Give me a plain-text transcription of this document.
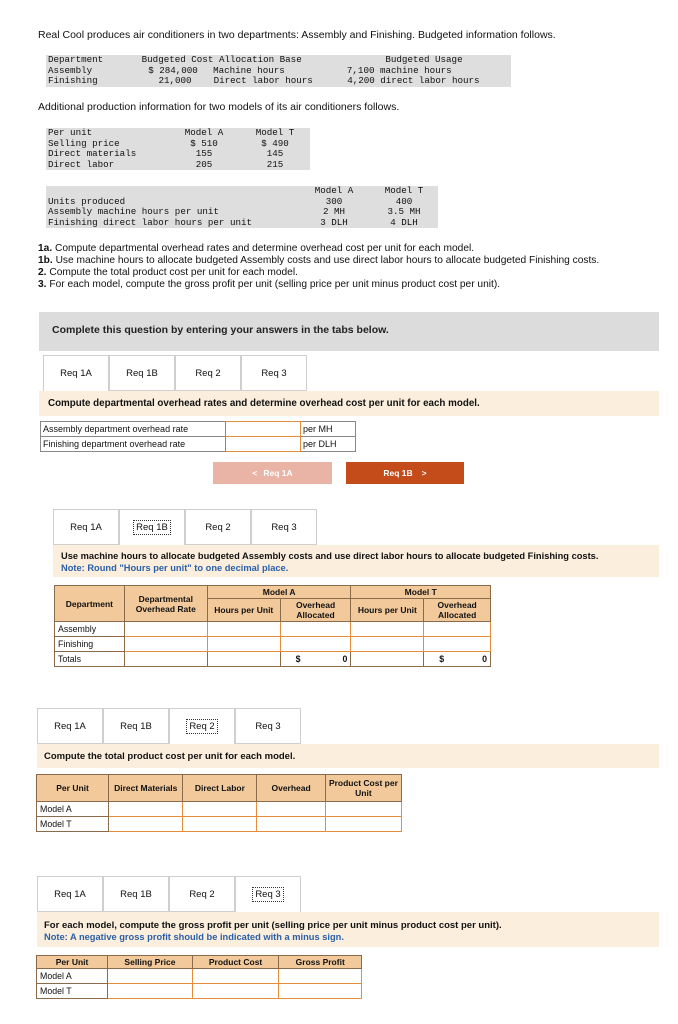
Real Cool produces air conditioners in two departments: Assembly and Finishing. Budgeted information follows.
Department	Budgeted Cost Allocation Base	Budgeted Usage
Assembly	$ 284,000	Machine hours	7,100 machine hours
Finishing	21,000	Direct labor hours	4,200 direct labor hours
Additional production information for two models of its air conditioners follows.
Per unit	Model A	Model T
Selling price	$ 510	$ 490
Direct materials	155	145
Direct labor	205	215
Model A	Model T
Units produced	300	400
Assembly machine hours per unit	2 MH	3.5 MH
Finishing direct labor hours per unit	3 DLH	4 DLH
1a. Compute departmental overhead rates and determine overhead cost per unit for each model.
1b. Use machine hours to allocate budgeted Assembly costs and use direct labor hours to allocate budgeted Finishing costs.
2. Compute the total product cost per unit for each model.
3. For each model, compute the gross profit per unit (selling price per unit minus product cost per unit).
Complete this question by entering your answers in the tabs below.
Req 1A	Req 1B	Req 2	Req 3
Compute departmental overhead rates and determine overhead cost per unit for each model.
Assembly department overhead rate		per MH
Finishing department overhead rate		per DLH
< Req 1A	Req 1B >
Req 1A	Req 1B	Req 2	Req 3
Use machine hours to allocate budgeted Assembly costs and use direct labor hours to allocate budgeted Finishing costs.
Note: Round "Hours per unit" to one decimal place.
Department	Departmental Overhead Rate	Model A		Model T	
		Hours per Unit	Overhead Allocated	Hours per Unit	Overhead Allocated
Assembly					
Finishing					
Totals			$ 0		$ 0
Req 1A	Req 1B	Req 2	Req 3
Compute the total product cost per unit for each model.
Per Unit	Direct Materials	Direct Labor	Overhead	Product Cost per Unit
Model A				
Model T				
Req 1A	Req 1B	Req 2	Req 3
For each model, compute the gross profit per unit (selling price per unit minus product cost per unit).
Note: A negative gross profit should be indicated with a minus sign.
Per Unit	Selling Price	Product Cost	Gross Profit
Model A			
Model T			
